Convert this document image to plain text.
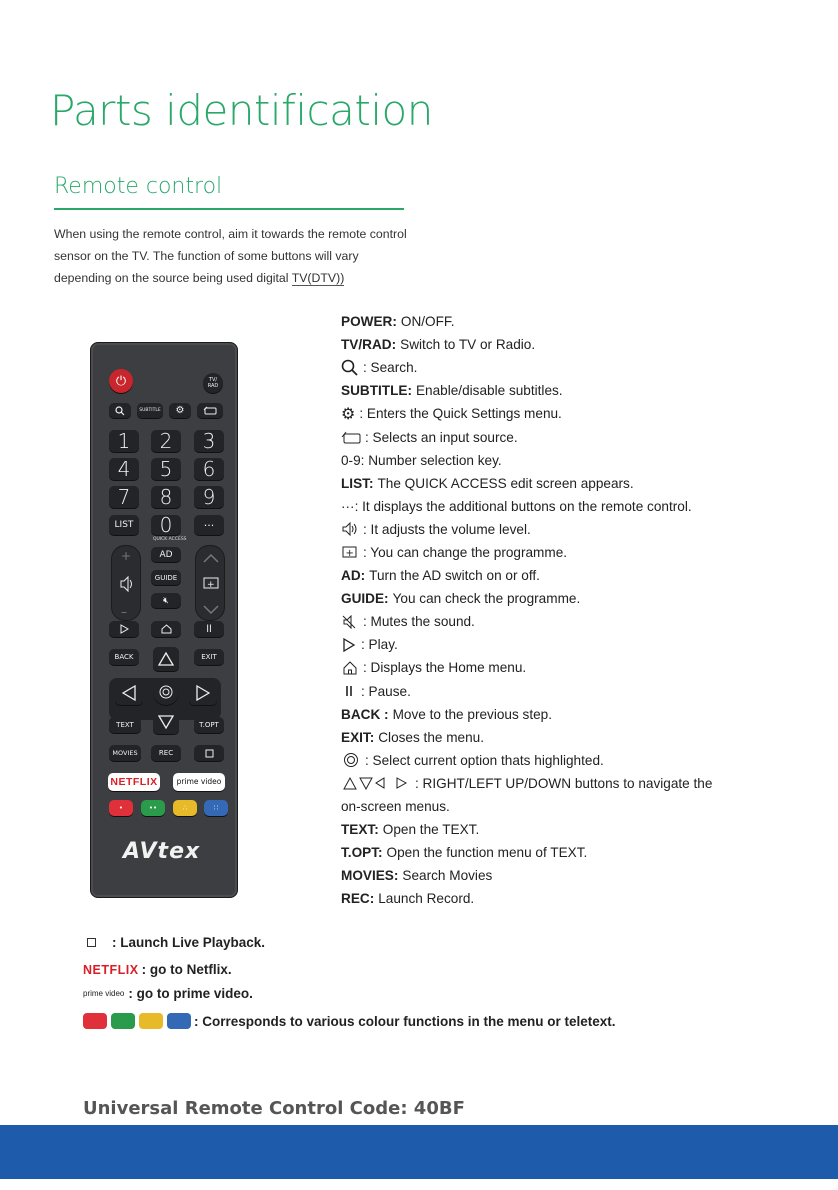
Parts identification
Remote control
When using the remote control, aim it towards the remote control sensor on the TV. The function of some buttons will vary depending on the source being used digital TV(DTV))
⏻	TV/
RAD
SUBTITLE	⚙
1	2	3
4	5	6
7	8	9
LIST	0	···
QUICK ACCESS
+
–
AD
GUIDE
🔇︎
+
ll
BACK	EXIT
TEXT	T.OPT
MOVIES	REC
NETFLIX	prime video
•	••	∴	∷
AVtex
POWER: ON/OFF.
TV/RAD: Switch to TV or Radio.
: Search.
SUBTITLE: Enable/disable subtitles.
⚙ : Enters the Quick Settings menu.
: Selects an input source.
0-9: Number selection key.
LIST: The QUICK ACCESS edit screen appears.
··· : It displays the additional buttons on the remote control.
: It adjusts the volume level.
+ : You can change the programme.
AD: Turn the AD switch on or off.
GUIDE: You can check the programme.
: Mutes the sound.
: Play.
: Displays the Home menu.
: Pause.
BACK : Move to the previous step.
EXIT: Closes the menu.
: Select current option thats highlighted.
: RIGHT/LEFT UP/DOWN buttons to navigate the
on-screen menus.
TEXT: Open the TEXT.
T.OPT: Open the function menu of TEXT.
MOVIES: Search Movies
REC: Launch Record.
: Launch Live Playback.
NETFLIX : go to Netflix.
prime video : go to prime video.
: Corresponds to various colour functions in the menu or teletext.
Universal Remote Control Code: 40BF
